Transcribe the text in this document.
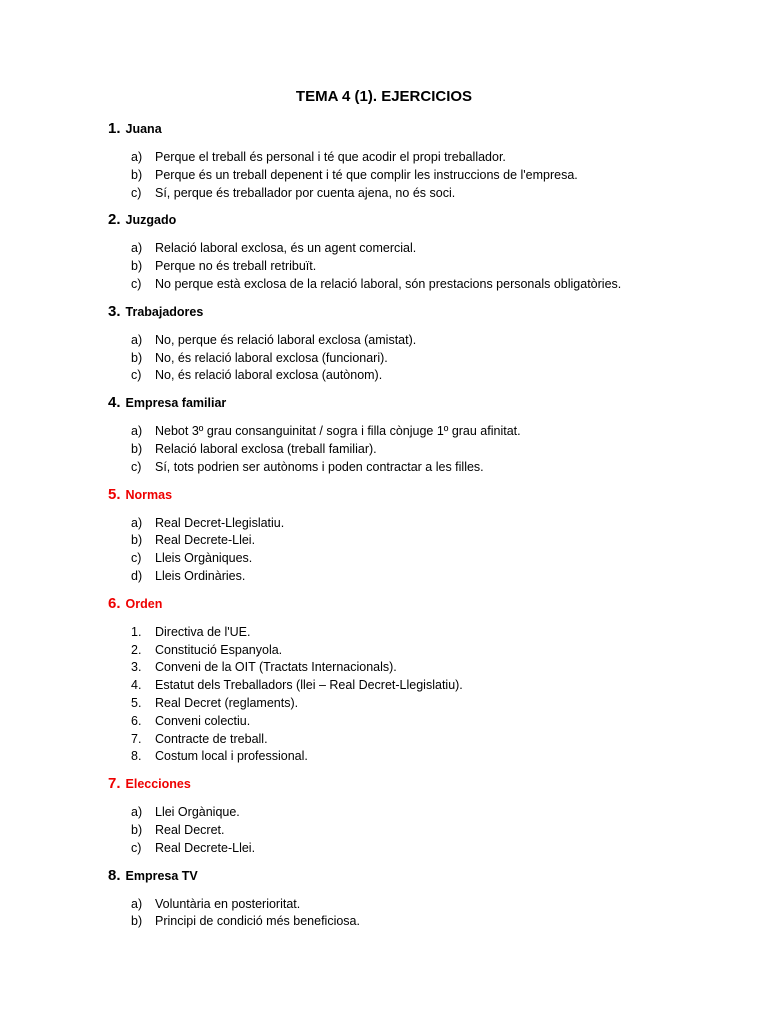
TEMA 4 (1). EJERCICIOS
1. Juana
a)	Perque el treball és personal i té que acodir el propi treballador.
b)	Perque és un treball depenent i té que complir les instruccions de l'empresa.
c)	Sí, perque és treballador por cuenta ajena, no és soci.
2. Juzgado
a)	Relació laboral exclosa, és un agent comercial.
b)	Perque no és treball retribuït.
c)	No perque està exclosa de la relació laboral, són prestacions personals obligatòries.
3. Trabajadores
a)	No, perque és relació laboral exclosa (amistat).
b)	No, és relació laboral exclosa (funcionari).
c)	No, és relació laboral exclosa (autònom).
4. Empresa familiar
a)	Nebot 3º grau consanguinitat / sogra i filla cònjuge 1º grau afinitat.
b)	Relació laboral exclosa (treball familiar).
c)	Sí, tots podrien ser autònoms i poden contractar a les filles.
5. Normas
a)	Real Decret-Llegislatiu.
b)	Real Decrete-Llei.
c)	Lleis Orgàniques.
d)	Lleis Ordinàries.
6. Orden
1.	Directiva de l'UE.
2.	Constitució Espanyola.
3.	Conveni de la OIT (Tractats Internacionals).
4.	Estatut dels Treballadors (llei – Real Decret-Llegislatiu).
5.	Real Decret (reglaments).
6.	Conveni colectiu.
7.	Contracte de treball.
8.	Costum local i professional.
7. Elecciones
a)	Llei Orgànique.
b)	Real Decret.
c)	Real Decrete-Llei.
8. Empresa TV
a)	Voluntària en posterioritat.
b)	Principi de condició més beneficiosa.
